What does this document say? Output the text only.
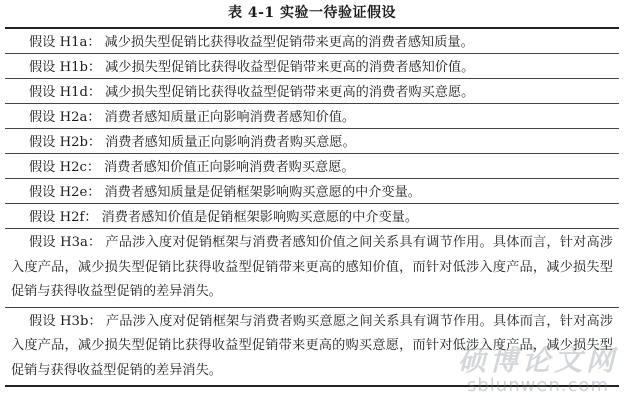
表 4-1 实验一待验证假设
假设 H1a： 减少损失型促销比获得收益型促销带来更高的消费者感知质量。
假设 H1b： 减少损失型促销比获得收益型促销带来更高的消费者感知价值。
假设 H1d： 减少损失型促销比获得收益型促销带来更高的消费者购买意愿。
假设 H2a： 消费者感知质量正向影响消费者感知价值。
假设 H2b： 消费者感知质量正向影响消费者购买意愿。
假设 H2c： 消费者感知价值正向影响消费者购买意愿。
假设 H2e： 消费者感知质量是促销框架影响购买意愿的中介变量。
假设 H2f： 消费者感知价值是促销框架影响购买意愿的中介变量。
假设 H3a： 产品涉入度对促销框架与消费者感知价值之间关系具有调节作用。具体而言，针对高涉入度产品，减少损失型促销比获得收益型促销带来更高的感知价值，而针对低涉入度产品，减少损失型促销与获得收益型促销的差异消失。
假设 H3b： 产品涉入度对促销框架与消费者购买意愿之间关系具有调节作用。具体而言，针对高涉入度产品，减少损失型促销比获得收益型促销带来更高的购买意愿，而针对低涉入度产品，减少损失型促销与获得收益型促销的差异消失。	硕博论文网
sblunwen.com
